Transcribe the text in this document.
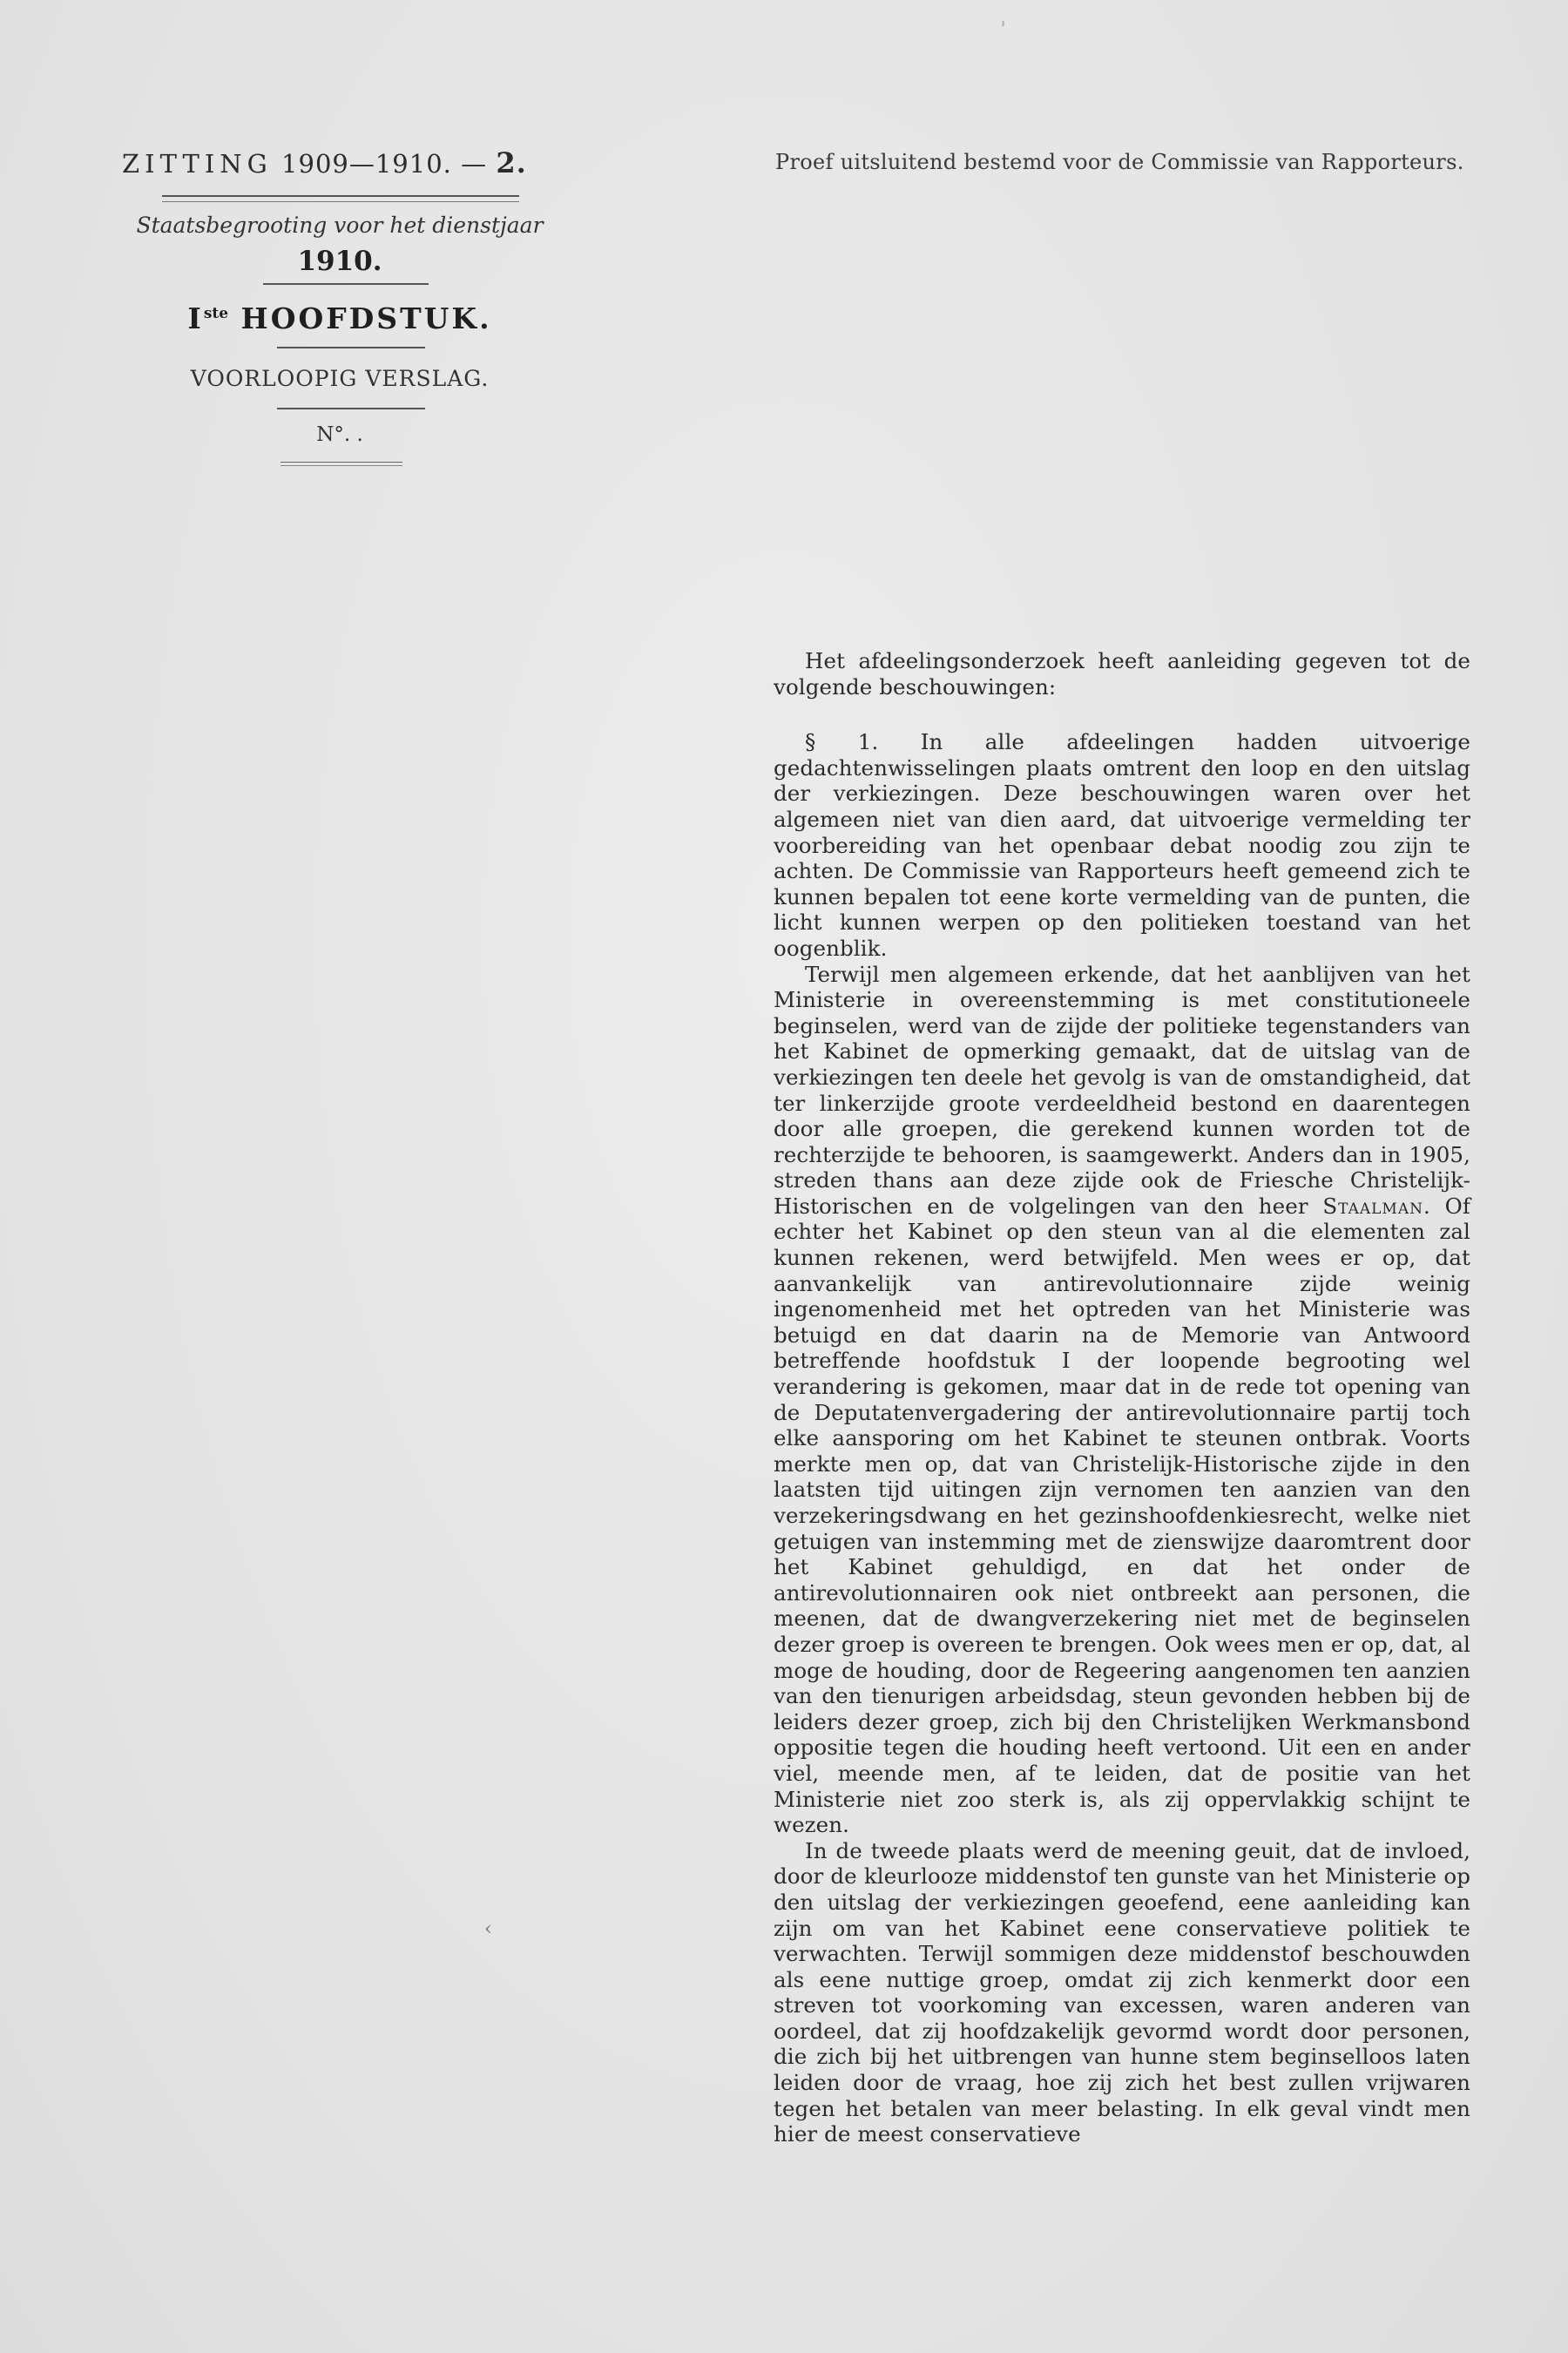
ZITTING 1909—1910. — 2.
Staatsbegrooting voor het dienstjaar
1910.
Iste HOOFDSTUK.
VOORLOOPIG VERSLAG.
N°. .
Proef uitsluitend bestemd voor de Commissie van Rapporteurs.

Het afdeelingsonderzoek heeft aanleiding gegeven tot de volgende beschouwingen:

§ 1. In alle afdeelingen hadden uitvoerige gedachtenwisselingen plaats omtrent den loop en den uitslag der verkiezingen. Deze beschouwingen waren over het algemeen niet van dien aard, dat uitvoerige vermelding ter voorbereiding van het openbaar debat noodig zou zijn te achten. De Commissie van Rapporteurs heeft gemeend zich te kunnen bepalen tot eene korte vermelding van de punten, die licht kunnen werpen op den politieken toestand van het oogenblik.

Terwijl men algemeen erkende, dat het aanblijven van het Ministerie in overeenstemming is met constitutioneele beginselen, werd van de zijde der politieke tegenstanders van het Kabinet de opmerking gemaakt, dat de uitslag van de verkiezingen ten deele het gevolg is van de omstandigheid, dat ter linkerzijde groote verdeeldheid bestond en daarentegen door alle groepen, die gerekend kunnen worden tot de rechterzijde te behooren, is saamgewerkt. Anders dan in 1905, streden thans aan deze zijde ook de Friesche Christelijk-Historischen en de volgelingen van den heer Staalman. Of echter het Kabinet op den steun van al die elementen zal kunnen rekenen, werd betwijfeld. Men wees er op, dat aanvankelijk van antirevolutionnaire zijde weinig ingenomenheid met het optreden van het Ministerie was betuigd en dat daarin na de Memorie van Antwoord betreffende hoofdstuk I der loopende begrooting wel verandering is gekomen, maar dat in de rede tot opening van de Deputatenvergadering der antirevolutionnaire partij toch elke aansporing om het Kabinet te steunen ontbrak. Voorts merkte men op, dat van Christelijk-Historische zijde in den laatsten tijd uitingen zijn vernomen ten aanzien van den verzekeringsdwang en het gezinshoofdenkiesrecht, welke niet getuigen van instemming met de zienswijze daaromtrent door het Kabinet gehuldigd, en dat het onder de antirevolutionnairen ook niet ontbreekt aan personen, die meenen, dat de dwangverzekering niet met de beginselen dezer groep is overeen te brengen. Ook wees men er op, dat, al moge de houding, door de Regeering aangenomen ten aanzien van den tienurigen arbeidsdag, steun gevonden hebben bij de leiders dezer groep, zich bij den Christelijken Werkmansbond oppositie tegen die houding heeft vertoond. Uit een en ander viel, meende men, af te leiden, dat de positie van het Ministerie niet zoo sterk is, als zij oppervlakkig schijnt te wezen.

In de tweede plaats werd de meening geuit, dat de invloed, door de kleurlooze middenstof ten gunste van het Ministerie op den uitslag der verkiezingen geoefend, eene aanleiding kan zijn om van het Kabinet eene conservatieve politiek te verwachten. Terwijl sommigen deze middenstof beschouwden als eene nuttige groep, omdat zij zich kenmerkt door een streven tot voorkoming van excessen, waren anderen van oordeel, dat zij hoofdzakelijk gevormd wordt door personen, die zich bij het uitbrengen van hunne stem beginselloos laten leiden door de vraag, hoe zij zich het best zullen vrijwaren tegen het betalen van meer belasting. In elk geval vindt men hier de meest conservatieve

‹
ˌ
